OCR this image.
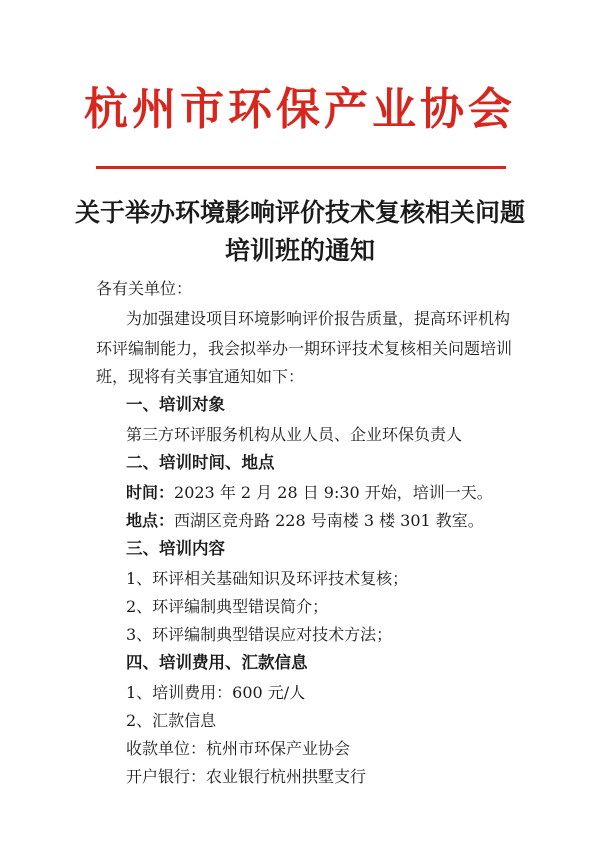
杭州市环保产业协会
关于举办环境影响评价技术复核相关问题
培训班的通知
各有关单位：
为加强建设项目环境影响评价报告质量，提高环评机构
环评编制能力，我会拟举办一期环评技术复核相关问题培训
班，现将有关事宜通知如下：
一、培训对象
第三方环评服务机构从业人员、企业环保负责人
二、培训时间、地点
时间：2023 年 2 月 28 日 9:30 开始，培训一天。
地点：西湖区竞舟路 228 号南楼 3 楼 301 教室。
三、培训内容
1、环评相关基础知识及环评技术复核；
2、环评编制典型错误简介；
3、环评编制典型错误应对技术方法；
四、培训费用、汇款信息
1、培训费用：600 元/人
2、汇款信息
收款单位：杭州市环保产业协会
开户银行：农业银行杭州拱墅支行
